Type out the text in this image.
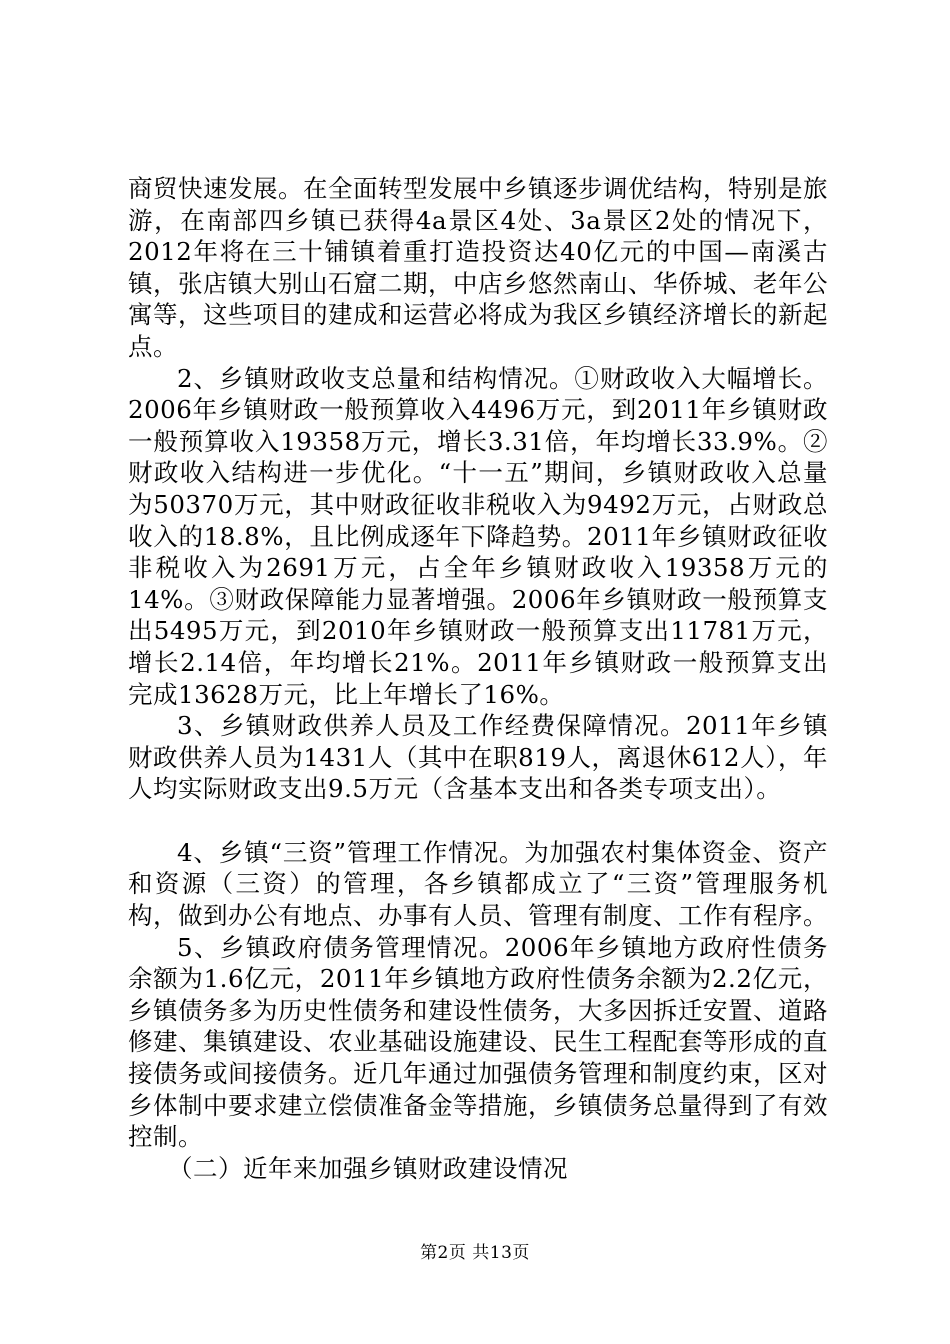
商贸快速发展。在全面转型发展中乡镇逐步调优结构，特别是旅游，在南部四乡镇已获得4a景区4处、3a景区2处的情况下，2012年将在三十铺镇着重打造投资达40亿元的中国—南溪古镇，张店镇大别山石窟二期，中店乡悠然南山、华侨城、老年公寓等，这些项目的建成和运营必将成为我区乡镇经济增长的新起点。

2、乡镇财政收支总量和结构情况。①财政收入大幅增长。2006年乡镇财政一般预算收入4496万元，到2011年乡镇财政一般预算收入19358万元，增长3.31倍，年均增长33.9%。②财政收入结构进一步优化。“十一五”期间，乡镇财政收入总量为50370万元，其中财政征收非税收入为9492万元，占财政总收入的18.8%，且比例成逐年下降趋势。2011年乡镇财政征收非税收入为2691万元，占全年乡镇财政收入19358万元的14%。③财政保障能力显著增强。2006年乡镇财政一般预算支出5495万元，到2010年乡镇财政一般预算支出11781万元，增长2.14倍，年均增长21%。2011年乡镇财政一般预算支出完成13628万元，比上年增长了16%。

3、乡镇财政供养人员及工作经费保障情况。2011年乡镇财政供养人员为1431人（其中在职819人，离退休612人），年人均实际财政支出9.5万元（含基本支出和各类专项支出）。

4、乡镇“三资”管理工作情况。为加强农村集体资金、资产和资源（三资）的管理，各乡镇都成立了“三资”管理服务机构，做到办公有地点、办事有人员、管理有制度、工作有程序。

5、乡镇政府债务管理情况。2006年乡镇地方政府性债务余额为1.6亿元，2011年乡镇地方政府性债务余额为2.2亿元，乡镇债务多为历史性债务和建设性债务，大多因拆迁安置、道路修建、集镇建设、农业基础设施建设、民生工程配套等形成的直接债务或间接债务。近几年通过加强债务管理和制度约束，区对乡体制中要求建立偿债准备金等措施，乡镇债务总量得到了有效控制。

（二）近年来加强乡镇财政建设情况

第2页 共13页
